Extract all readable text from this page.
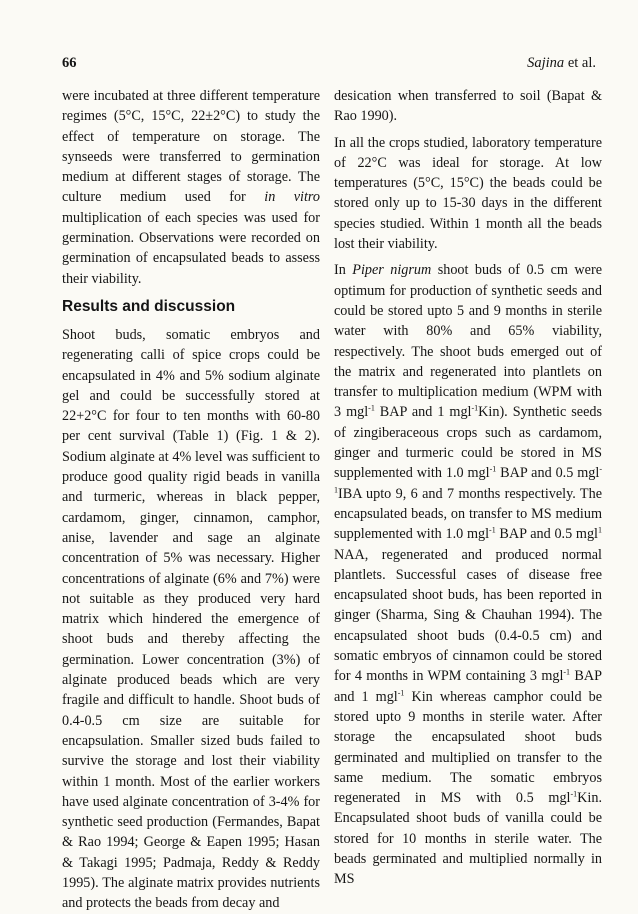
66	Sajina et al.

were incubated at three different temperature regimes (5°C, 15°C, 22±2°C) to study the effect of temperature on storage. The synseeds were transferred to germination medium at different stages of storage. The culture medium used for in vitro multiplication of each species was used for germination. Observations were recorded on germination of encapsulated beads to assess their viability.

Results and discussion

Shoot buds, somatic embryos and regenerating calli of spice crops could be encapsulated in 4% and 5% sodium alginate gel and could be successfully stored at 22+2°C for four to ten months with 60-80 per cent survival (Table 1) (Fig. 1 & 2). Sodium alginate at 4% level was sufficient to produce good quality rigid beads in vanilla and turmeric, whereas in black pepper, cardamom, ginger, cinnamon, camphor, anise, lavender and sage an alginate concentration of 5% was necessary. Higher concentrations of alginate (6% and 7%) were not suitable as they produced very hard matrix which hindered the emergence of shoot buds and thereby affecting the germination. Lower concentration (3%) of alginate produced beads which are very fragile and difficult to handle. Shoot buds of 0.4-0.5 cm size are suitable for encapsulation. Smaller sized buds failed to survive the storage and lost their viability within 1 month. Most of the earlier workers have used alginate concentration of 3-4% for synthetic seed production (Fermandes, Bapat & Rao 1994; George & Eapen 1995; Hasan & Takagi 1995; Padmaja, Reddy & Reddy 1995). The alginate matrix provides nutrients and protects the beads from decay and

desication when transferred to soil (Bapat & Rao 1990).

In all the crops studied, laboratory temperature of 22°C was ideal for storage. At low temperatures (5°C, 15°C) the beads could be stored only up to 15-30 days in the different species studied. Within 1 month all the beads lost their viability.

In Piper nigrum shoot buds of 0.5 cm were optimum for production of synthetic seeds and could be stored upto 5 and 9 months in sterile water with 80% and 65% viability, respectively. The shoot buds emerged out of the matrix and regenerated into plantlets on transfer to multiplication medium (WPM with 3 mgl$^{-1}$ BAP and 1 mgl$^{-1}$Kin). Synthetic seeds of zingiberaceous crops such as cardamom, ginger and turmeric could be stored in MS supplemented with 1.0 mgl$^{-1}$ BAP and 0.5 mgl$^{-1}$IBA upto 9, 6 and 7 months respectively. The encapsulated beads, on transfer to MS medium supplemented with 1.0 mgl$^{-1}$ BAP and 0.5 mgl$^1$ NAA, regenerated and produced normal plantlets. Successful cases of disease free encapsulated shoot buds, has been reported in ginger (Sharma, Sing & Chauhan 1994). The encapsulated shoot buds (0.4-0.5 cm) and somatic embryos of cinnamon could be stored for 4 months in WPM containing 3 mgl$^{-1}$ BAP and 1 mgl$^{-1}$ Kin whereas camphor could be stored upto 9 months in sterile water. After storage the encapsulated shoot buds germinated and multiplied on transfer to the same medium. The somatic embryos regenerated in MS with 0.5 mgl$^{-1}$Kin. Encapsulated shoot buds of vanilla could be stored for 10 months in sterile water. The beads germinated and multiplied normally in MS
